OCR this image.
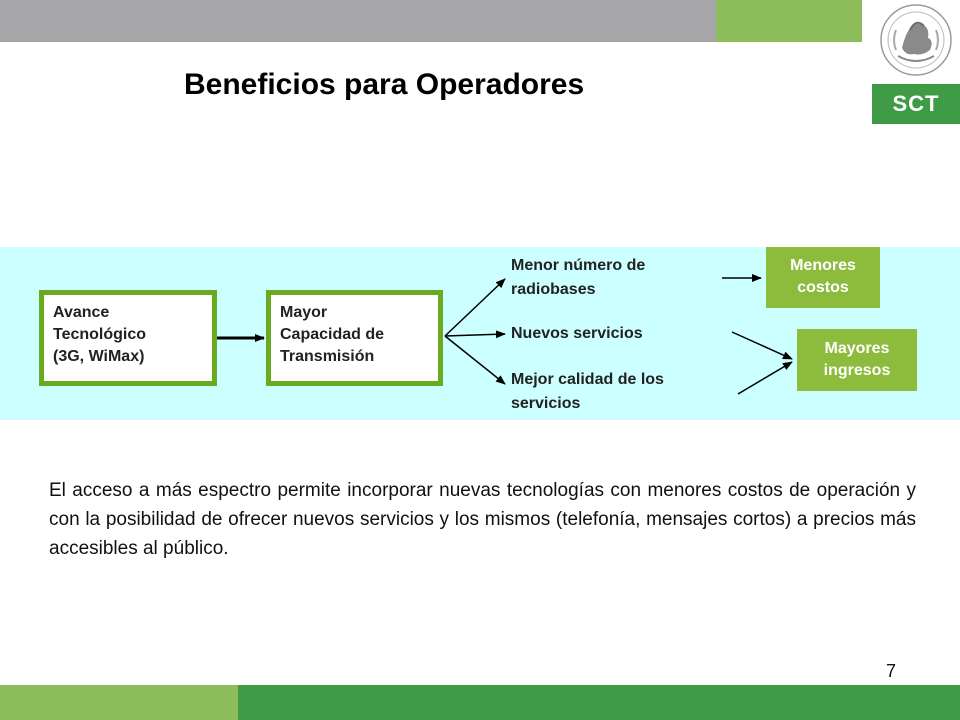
SCT
Beneficios para Operadores
Avance
Tecnológico
(3G, WiMax)
Mayor
Capacidad de
Transmisión
Menor número de
radiobases
Nuevos servicios
Mejor calidad de los
servicios
Menores
costos
Mayores
ingresos

El acceso a más espectro permite incorporar nuevas tecnologías con menores costos de operación y con la posibilidad de ofrecer nuevos servicios y los mismos (telefonía, mensajes cortos) a precios más accesibles al público.

7
